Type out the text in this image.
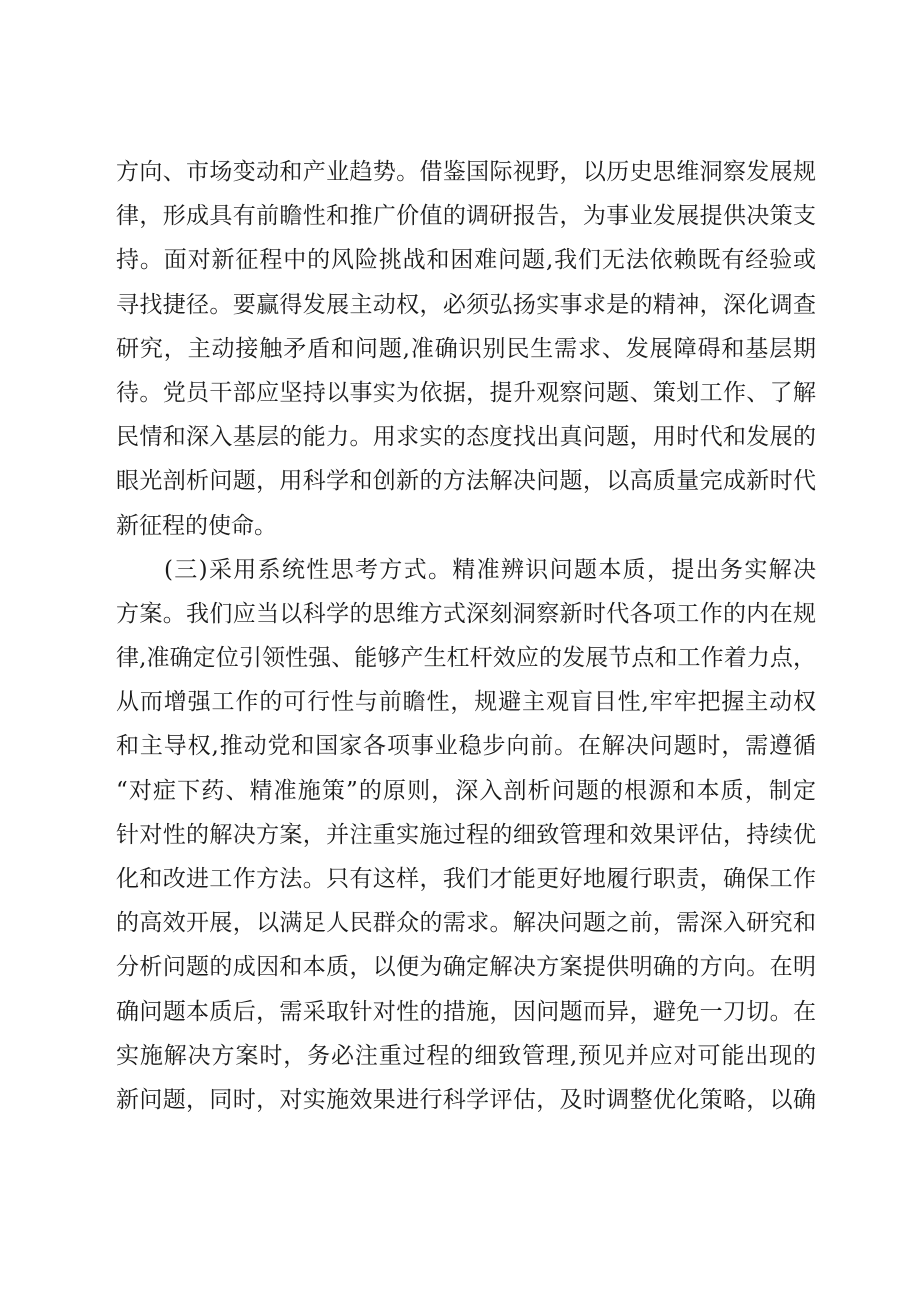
方向、市场变动和产业趋势。借鉴国际视野，以历史思维洞察发展规
律，形成具有前瞻性和推广价值的调研报告，为事业发展提供决策支
持。面对新征程中的风险挑战和困难问题,我们无法依赖既有经验或
寻找捷径。要赢得发展主动权，必须弘扬实事求是的精神，深化调查
研究，主动接触矛盾和问题,准确识别民生需求、发展障碍和基层期
待。党员干部应坚持以事实为依据，提升观察问题、策划工作、了解
民情和深入基层的能力。用求实的态度找出真问题，用时代和发展的
眼光剖析问题，用科学和创新的方法解决问题，以高质量完成新时代
新征程的使命。
(三)采用系统性思考方式。精准辨识问题本质，提出务实解决
方案。我们应当以科学的思维方式深刻洞察新时代各项工作的内在规
律,准确定位引领性强、能够产生杠杆效应的发展节点和工作着力点，
从而增强工作的可行性与前瞻性，规避主观盲目性,牢牢把握主动权
和主导权,推动党和国家各项事业稳步向前。在解决问题时，需遵循
“对症下药、精准施策”的原则，深入剖析问题的根源和本质，制定
针对性的解决方案，并注重实施过程的细致管理和效果评估，持续优
化和改进工作方法。只有这样，我们才能更好地履行职责，确保工作
的高效开展，以满足人民群众的需求。解决问题之前，需深入研究和
分析问题的成因和本质，以便为确定解决方案提供明确的方向。在明
确问题本质后，需采取针对性的措施，因问题而异，避免一刀切。在
实施解决方案时，务必注重过程的细致管理,预见并应对可能出现的
新问题，同时，对实施效果进行科学评估，及时调整优化策略，以确
